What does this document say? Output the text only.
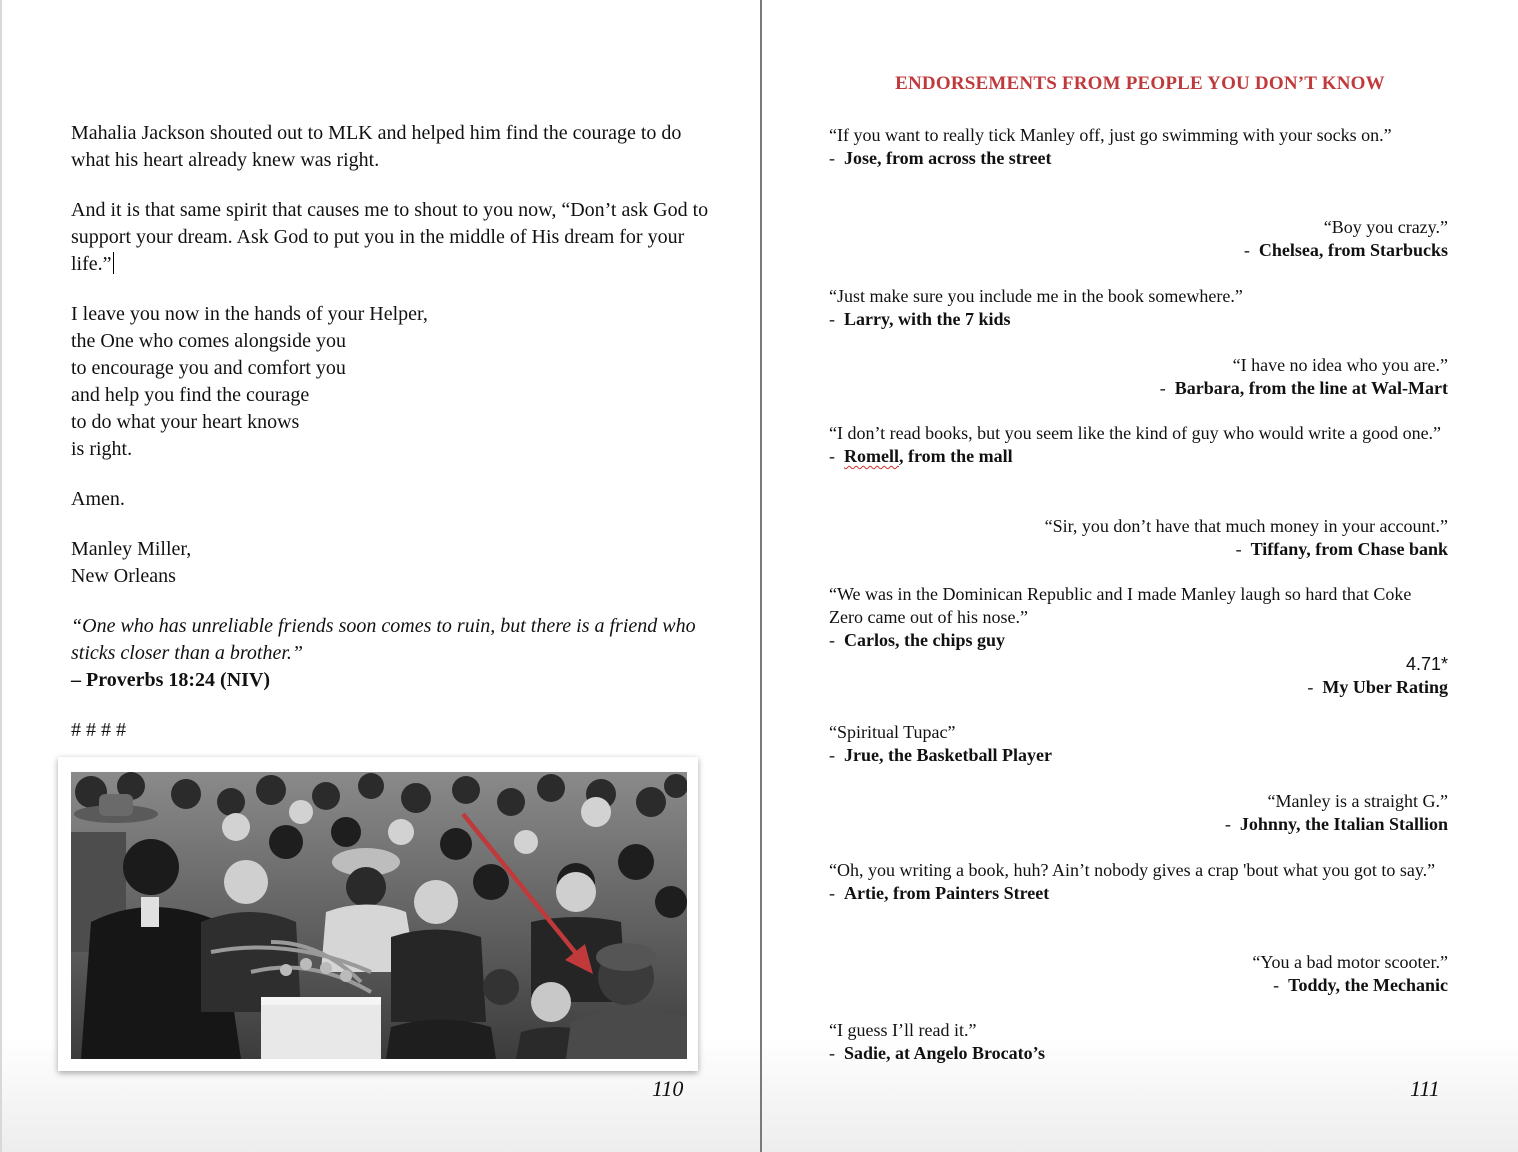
Mahalia Jackson shouted out to MLK and helped him find the courage to do what his heart already knew was right.

And it is that same spirit that causes me to shout to you now, “Don’t ask God to support your dream. Ask God to put you in the middle of His dream for your life.”

I leave you now in the hands of your Helper,
the One who comes alongside you
to encourage you and comfort you
and help you find the courage
to do what your heart knows
is right.

Amen.

Manley Miller,
New Orleans

“One who has unreliable friends soon comes to ruin, but there is a friend who sticks closer than a brother.”

– Proverbs 18:24 (NIV)

# # # #

110
ENDORSEMENTS FROM PEOPLE YOU DON’T KNOW
“If you want to really tick Manley off, just go swimming with your socks on.”
- Jose, from across the street
“Boy you crazy.”
- Chelsea, from Starbucks
“Just make sure you include me in the book somewhere.”
- Larry, with the 7 kids
“I have no idea who you are.”
- Barbara, from the line at Wal-Mart
“I don’t read books, but you seem like the kind of guy who would write a good one.”
- Romell, from the mall
“Sir, you don’t have that much money in your account.”
- Tiffany, from Chase bank
“We was in the Dominican Republic and I made Manley laugh so hard that Coke Zero came out of his nose.”
- Carlos, the chips guy
4.71*
- My Uber Rating
“Spiritual Tupac”
- Jrue, the Basketball Player
“Manley is a straight G.”
- Johnny, the Italian Stallion
“Oh, you writing a book, huh? Ain’t nobody gives a crap 'bout what you got to say.”
- Artie, from Painters Street
“You a bad motor scooter.”
- Toddy, the Mechanic
“I guess I’ll read it.”
- Sadie, at Angelo Brocato’s
111
